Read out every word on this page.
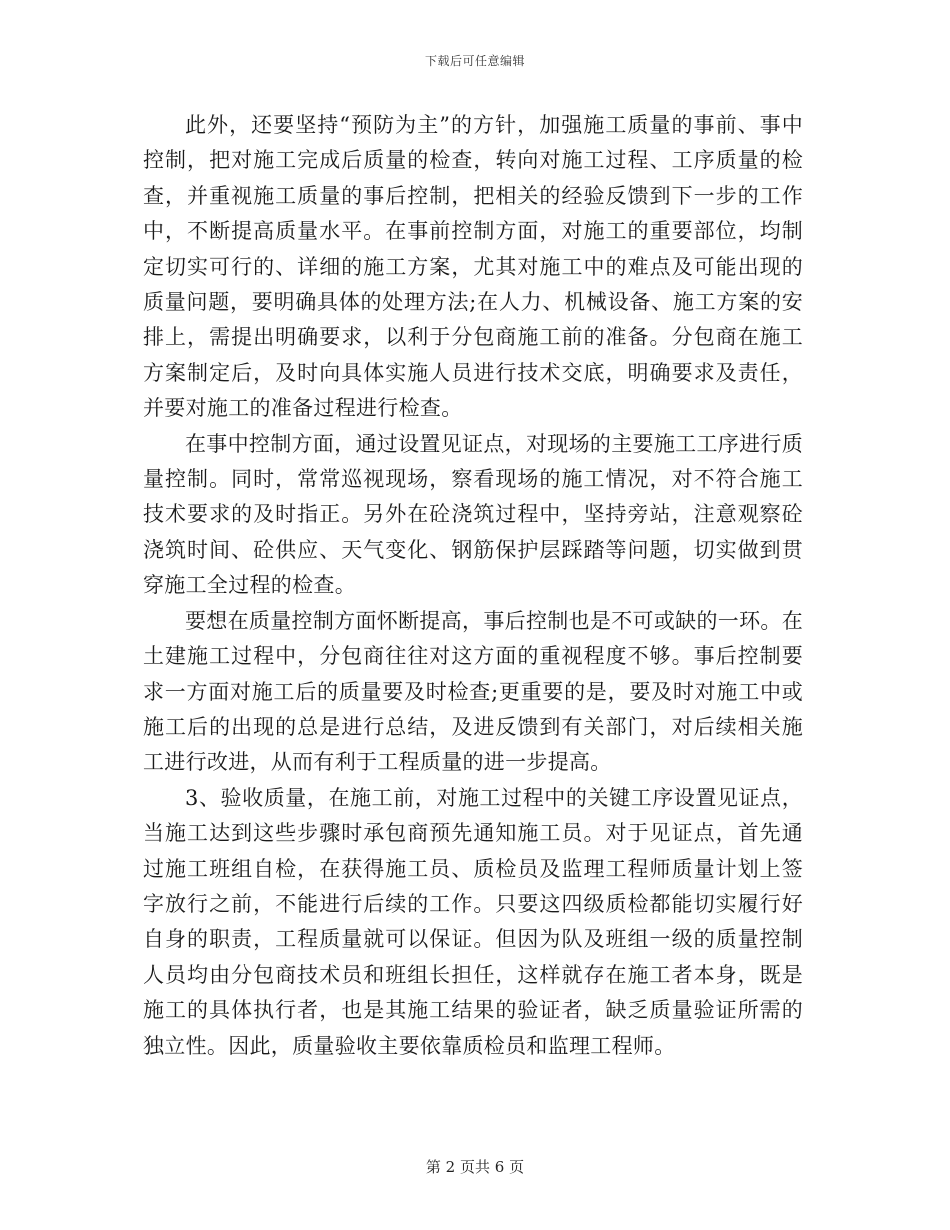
下载后可任意编辑

此外，还要坚持“预防为主”的方针，加强施工质量的事前、事中控制，把对施工完成后质量的检查，转向对施工过程、工序质量的检查，并重视施工质量的事后控制，把相关的经验反馈到下一步的工作中，不断提高质量水平。在事前控制方面，对施工的重要部位，均制定切实可行的、详细的施工方案，尤其对施工中的难点及可能出现的质量问题，要明确具体的处理方法;在人力、机械设备、施工方案的安排上，需提出明确要求，以利于分包商施工前的准备。分包商在施工方案制定后，及时向具体实施人员进行技术交底，明确要求及责任，并要对施工的准备过程进行检查。

在事中控制方面，通过设置见证点，对现场的主要施工工序进行质量控制。同时，常常巡视现场，察看现场的施工情况，对不符合施工技术要求的及时指正。另外在砼浇筑过程中，坚持旁站，注意观察砼浇筑时间、砼供应、天气变化、钢筋保护层踩踏等问题，切实做到贯穿施工全过程的检查。

要想在质量控制方面怀断提高，事后控制也是不可或缺的一环。在土建施工过程中，分包商往往对这方面的重视程度不够。事后控制要求一方面对施工后的质量要及时检查;更重要的是，要及时对施工中或施工后的出现的总是进行总结，及进反馈到有关部门，对后续相关施工进行改进，从而有利于工程质量的进一步提高。

3、验收质量，在施工前，对施工过程中的关键工序设置见证点，当施工达到这些步骤时承包商预先通知施工员。对于见证点，首先通过施工班组自检，在获得施工员、质检员及监理工程师质量计划上签字放行之前，不能进行后续的工作。只要这四级质检都能切实履行好自身的职责，工程质量就可以保证。但因为队及班组一级的质量控制人员均由分包商技术员和班组长担任，这样就存在施工者本身，既是施工的具体执行者，也是其施工结果的验证者，缺乏质量验证所需的独立性。因此，质量验收主要依靠质检员和监理工程师。

第 2 页共 6 页
